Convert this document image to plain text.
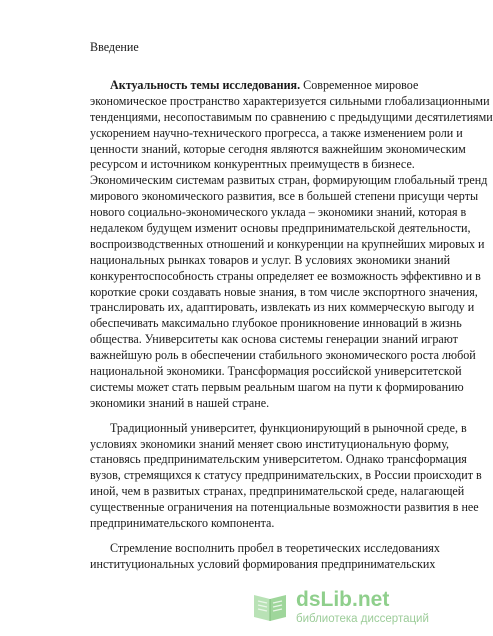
Введение
Актуальность темы исследования. Современное мировое
экономическое пространство характеризуется сильными глобализационными
тенденциями, несопоставимым по сравнению с предыдущими десятилетиями
ускорением научно-технического прогресса, а также изменением роли и
ценности знаний, которые сегодня являются важнейшим экономическим
ресурсом и источником конкурентных преимуществ в бизнесе.
Экономическим системам развитых стран, формирующим глобальный тренд
мирового экономического развития, все в большей степени присущи черты
нового социально-экономического уклада – экономики знаний, которая в
недалеком будущем изменит основы предпринимательской деятельности,
воспроизводственных отношений и конкуренции на крупнейших мировых и
национальных рынках товаров и услуг. В условиях экономики знаний
конкурентоспособность страны определяет ее возможность эффективно и в
короткие сроки создавать новые знания, в том числе экспортного значения,
транслировать их, адаптировать, извлекать из них коммерческую выгоду и
обеспечивать максимально глубокое проникновение инноваций в жизнь
общества. Университеты как основа системы генерации знаний играют
важнейшую роль в обеспечении стабильного экономического роста любой
национальной экономики. Трансформация российской университетской
системы может стать первым реальным шагом на пути к формированию
экономики знаний в нашей стране.
Традиционный университет, функционирующий в рыночной среде, в
условиях экономики знаний меняет свою институциональную форму,
становясь предпринимательским университетом. Однако трансформация
вузов, стремящихся к статусу предпринимательских, в России происходит в
иной, чем в развитых странах, предпринимательской среде, налагающей
существенные ограничения на потенциальные возможности развития в нее
предпринимательского компонента.
Стремление восполнить пробел в теоретических исследованиях
институциональных условий формирования предпринимательских
dsLib.net
библиотека диссертаций
